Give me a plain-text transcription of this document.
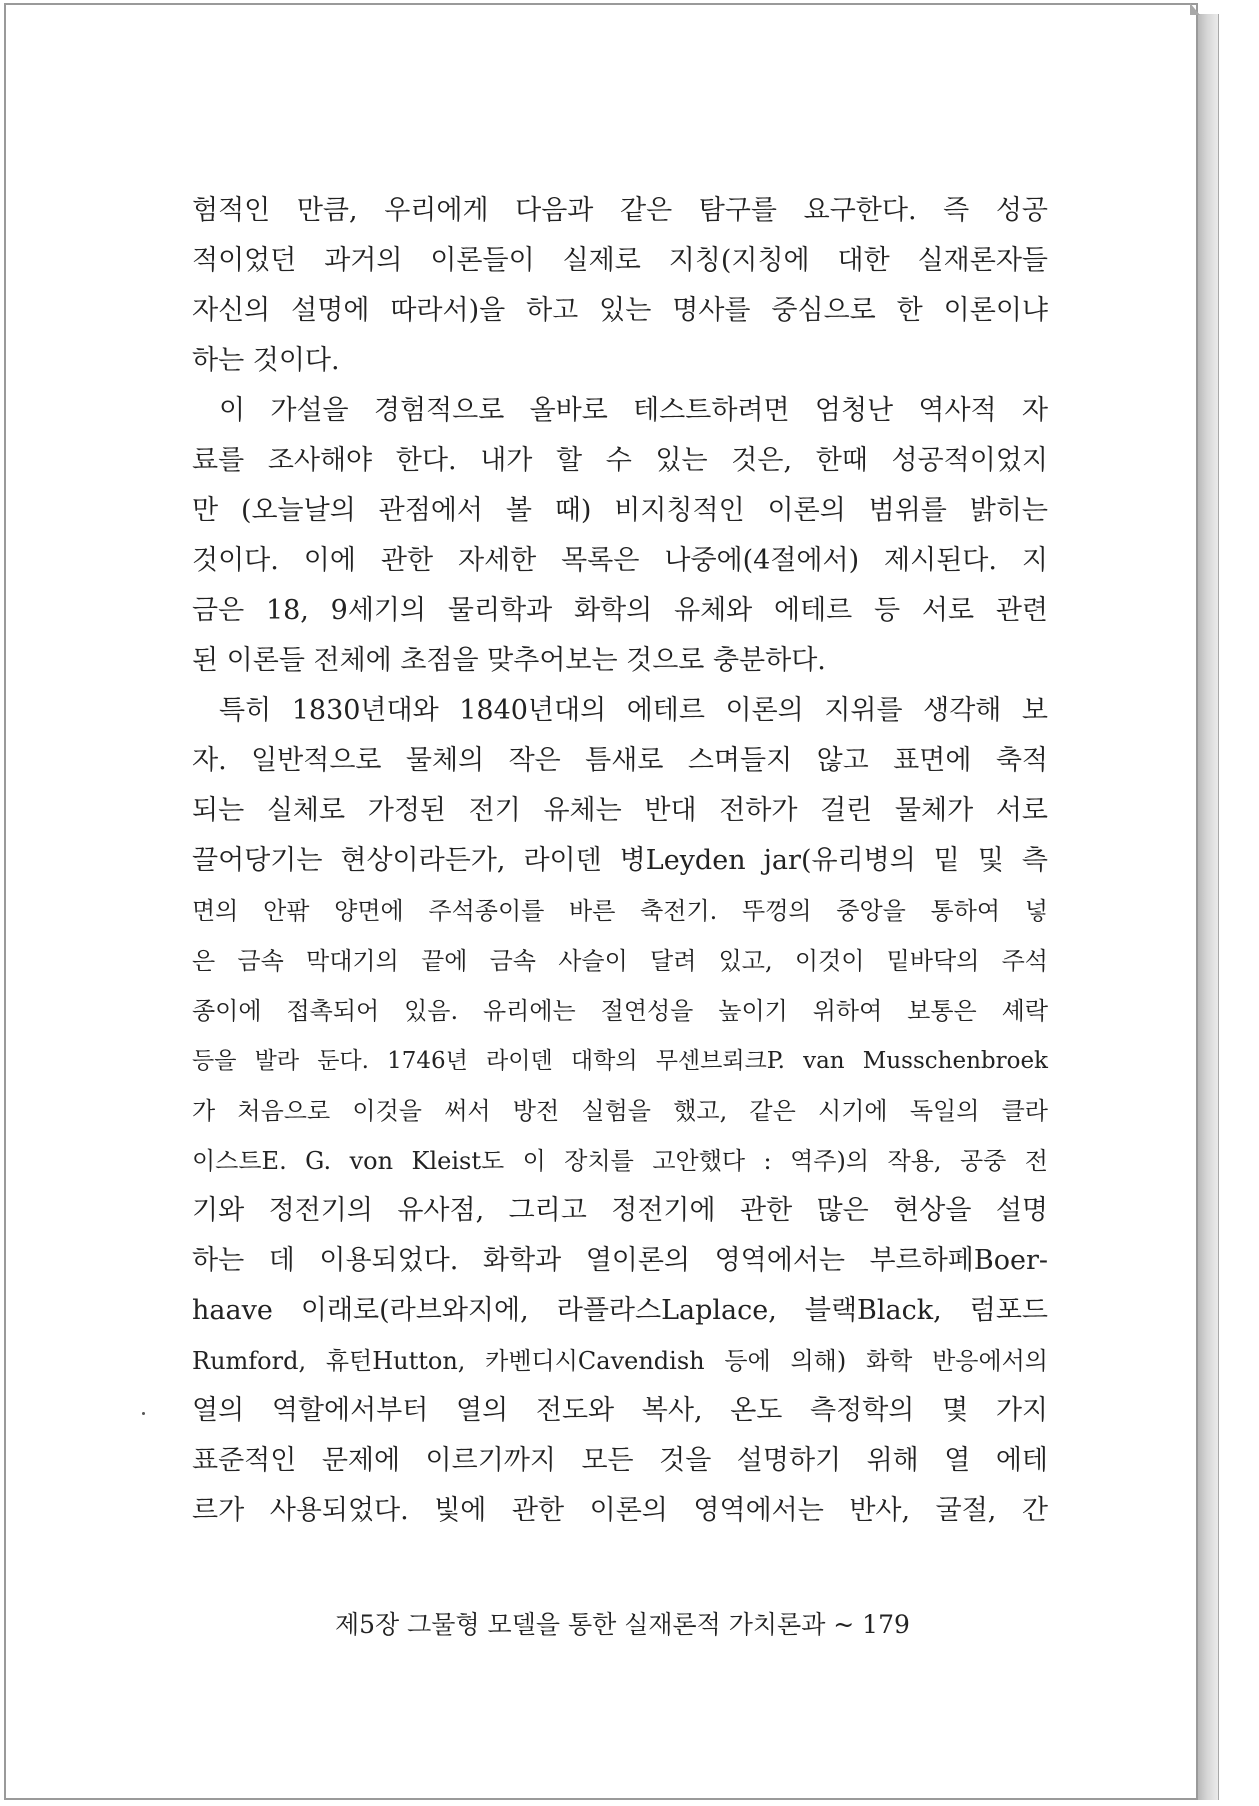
험적인 만큼, 우리에게 다음과 같은 탐구를 요구한다. 즉 성공
적이었던 과거의 이론들이 실제로 지칭(지칭에 대한 실재론자들
자신의 설명에 따라서)을 하고 있는 명사를 중심으로 한 이론이냐
하는 것이다.
이 가설을 경험적으로 올바로 테스트하려면 엄청난 역사적 자
료를 조사해야 한다. 내가 할 수 있는 것은, 한때 성공적이었지
만 (오늘날의 관점에서 볼 때) 비지칭적인 이론의 범위를 밝히는
것이다. 이에 관한 자세한 목록은 나중에(4절에서) 제시된다. 지
금은 18, 9세기의 물리학과 화학의 유체와 에테르 등 서로 관련
된 이론들 전체에 초점을 맞추어보는 것으로 충분하다.
특히 1830년대와 1840년대의 에테르 이론의 지위를 생각해 보
자. 일반적으로 물체의 작은 틈새로 스며들지 않고 표면에 축적
되는 실체로 가정된 전기 유체는 반대 전하가 걸린 물체가 서로
끌어당기는 현상이라든가, 라이덴 병Leyden jar(유리병의 밑 및 측
면의 안팎 양면에 주석종이를 바른 축전기. 뚜껑의 중앙을 통하여 넣
은 금속 막대기의 끝에 금속 사슬이 달려 있고, 이것이 밑바닥의 주석
종이에 접촉되어 있음. 유리에는 절연성을 높이기 위하여 보통은 셰락
등을 발라 둔다. 1746년 라이덴 대학의 무센브뢰크P. van Musschenbroek
가 처음으로 이것을 써서 방전 실험을 했고, 같은 시기에 독일의 클라
이스트E. G. von Kleist도 이 장치를 고안했다 : 역주)의 작용, 공중 전
기와 정전기의 유사점, 그리고 정전기에 관한 많은 현상을 설명
하는 데 이용되었다. 화학과 열이론의 영역에서는 부르하페Boer-
haave 이래로(라브와지에, 라플라스Laplace, 블랙Black, 럼포드
Rumford, 휴턴Hutton, 카벤디시Cavendish 등에 의해) 화학 반응에서의
열의 역할에서부터 열의 전도와 복사, 온도 측정학의 몇 가지
표준적인 문제에 이르기까지 모든 것을 설명하기 위해 열 에테
르가 사용되었다. 빛에 관한 이론의 영역에서는 반사, 굴절, 간
제5장 그물형 모델을 통한 실재론적 가치론과 ~ 179
